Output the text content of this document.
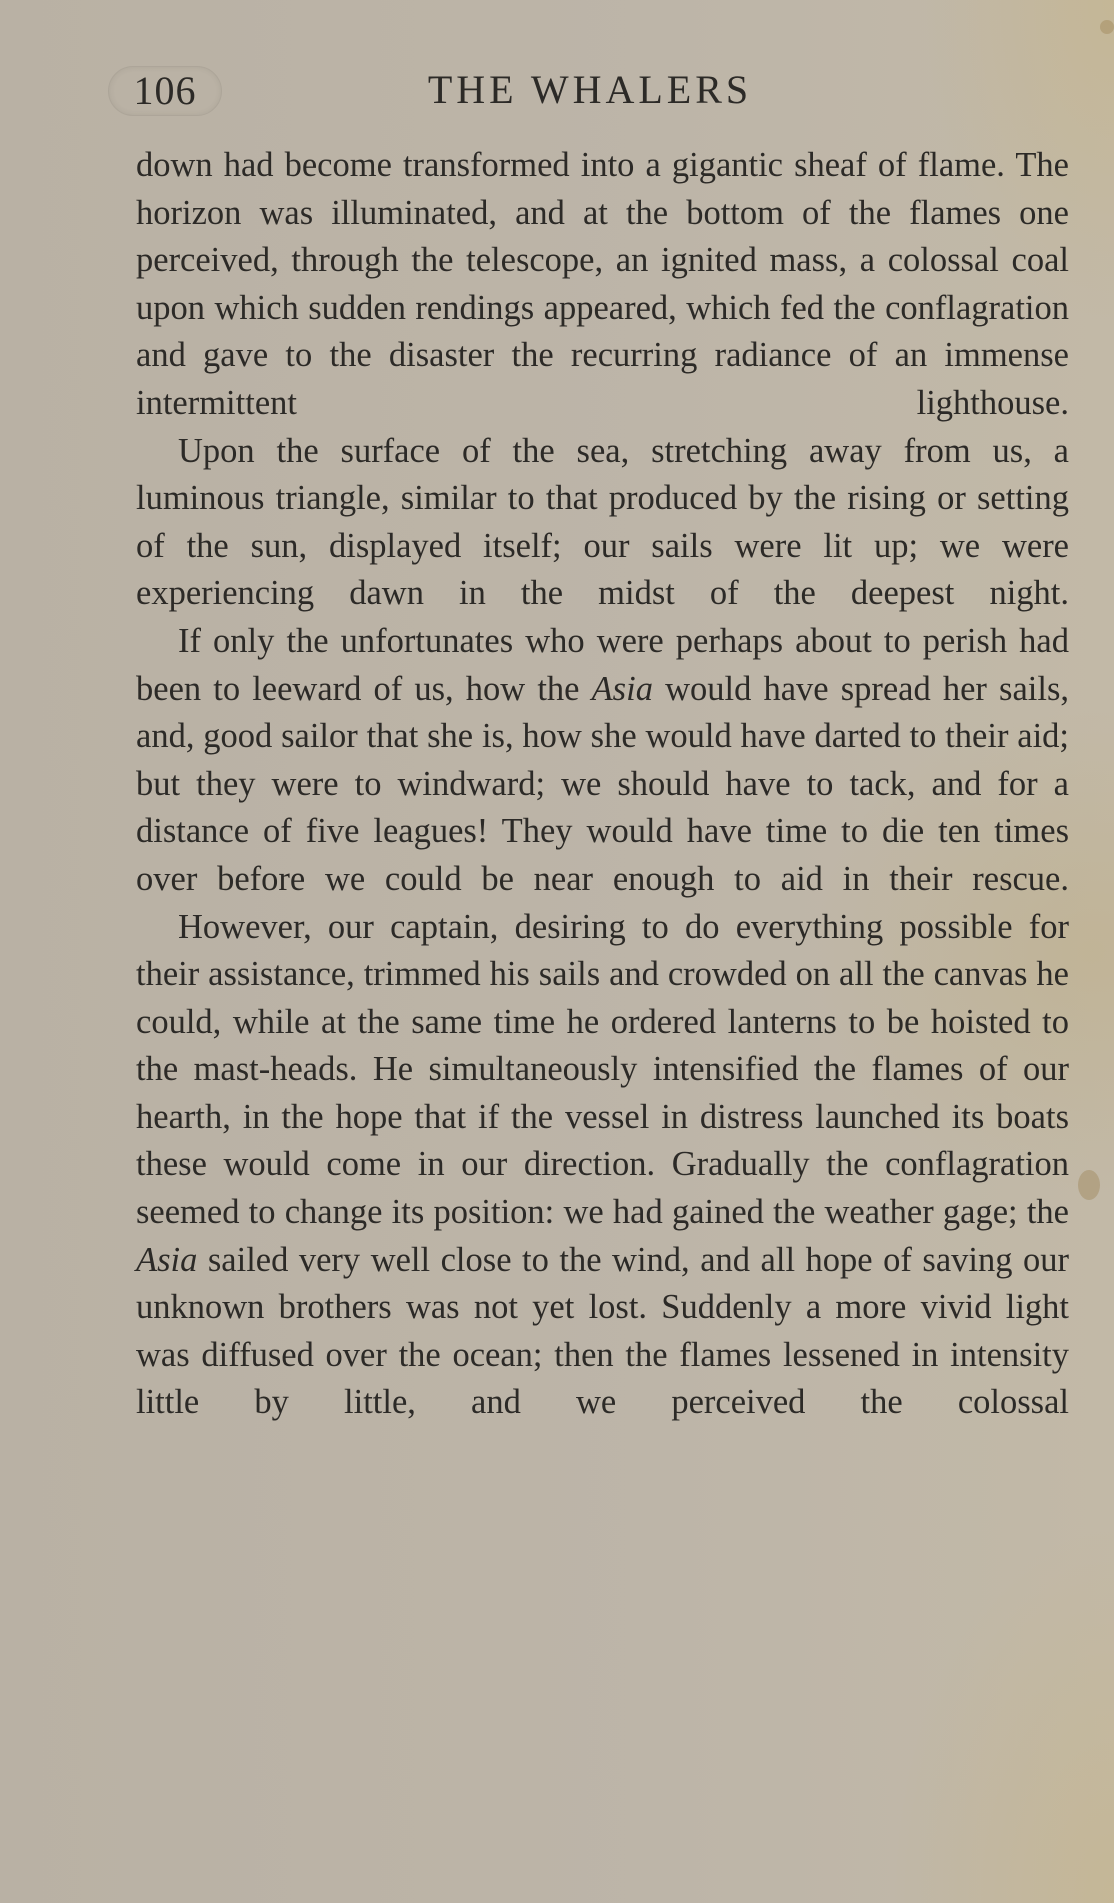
106	THE WHALERS

down had become transformed into a gigantic sheaf of flame. The horizon was illuminated, and at the bottom of the flames one perceived, through the telescope, an ignited mass, a colossal coal upon which sudden rendings appeared, which fed the conflagration and gave to the disaster the recurring radiance of an immense intermittent lighthouse.

Upon the surface of the sea, stretching away from us, a luminous triangle, similar to that produced by the rising or setting of the sun, displayed itself; our sails were lit up; we were experiencing dawn in the midst of the deepest night.

If only the unfortunates who were perhaps about to perish had been to leeward of us, how the Asia would have spread her sails, and, good sailor that she is, how she would have darted to their aid; but they were to windward; we should have to tack, and for a distance of five leagues! They would have time to die ten times over before we could be near enough to aid in their rescue.

However, our captain, desiring to do everything possible for their assistance, trimmed his sails and crowded on all the canvas he could, while at the same time he ordered lanterns to be hoisted to the mast-heads. He simultaneously intensified the flames of our hearth, in the hope that if the vessel in distress launched its boats these would come in our direction. Gradually the conflagration seemed to change its position: we had gained the weather gage; the Asia sailed very well close to the wind, and all hope of saving our unknown brothers was not yet lost. Suddenly a more vivid light was diffused over the ocean; then the flames lessened in intensity little by little, and we perceived the colossal
